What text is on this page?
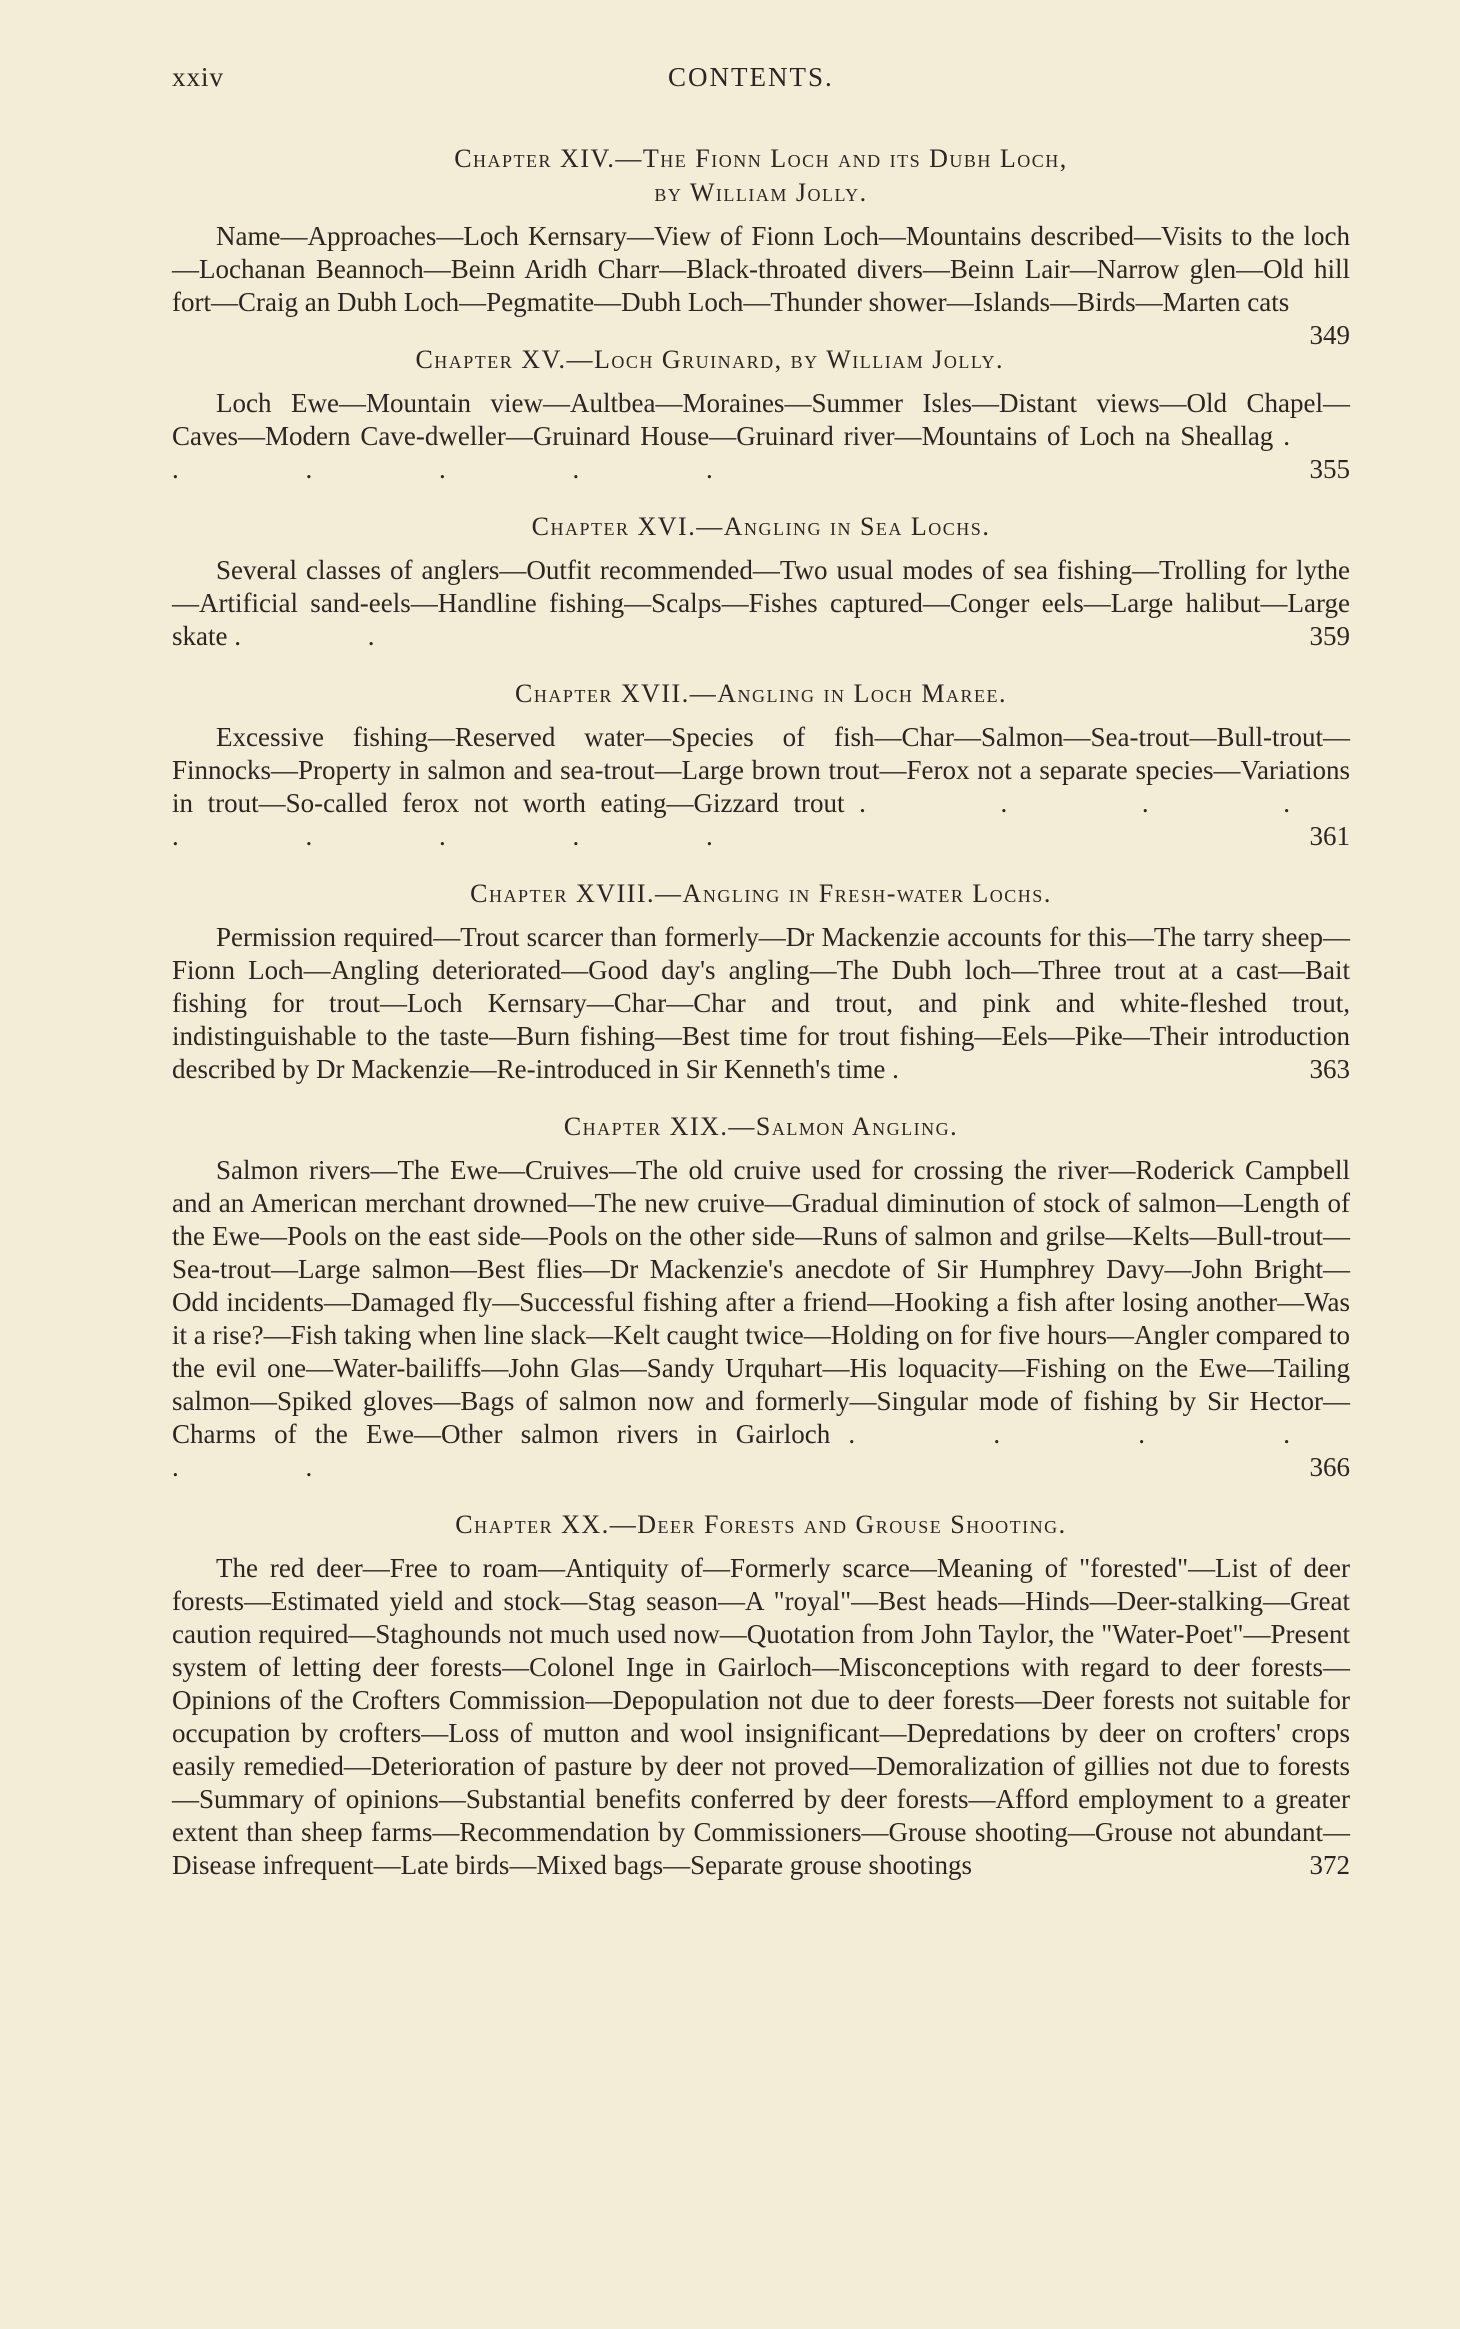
xxiv	CONTENTS.
Chapter XIV.—The Fionn Loch and its Dubh Loch,
by William Jolly.

Name—Approaches—Loch Kernsary—View of Fionn Loch—Mountains described—Visits to the loch—Lochanan Beannoch—Beinn Aridh Charr—Black-throated divers—Beinn Lair—Narrow glen—Old hill fort—Craig an Dubh Loch—Pegmatite—Dubh Loch—Thunder shower—Islands—Birds—Marten cats
349

Chapter XV.—Loch Gruinard, by William Jolly.

Loch Ewe—Mountain view—Aultbea—Moraines—Summer Isles—Distant views—Old Chapel—Caves—Modern Cave-dweller—Gruinard House—Gruinard river—Mountains of Loch na Sheallag . . . . . .	355

Chapter XVI.—Angling in Sea Lochs.

Several classes of anglers—Outfit recommended—Two usual modes of sea fishing—Trolling for lythe—Artificial sand-eels—Handline fishing—Scalps—Fishes captured—Conger eels—Large halibut—Large skate . .	359

Chapter XVII.—Angling in Loch Maree.

Excessive fishing—Reserved water—Species of fish—Char—Salmon—Sea-trout—Bull-trout—Finnocks—Property in salmon and sea-trout—Large brown trout—Ferox not a separate species—Variations in trout—So-called ferox not worth eating—Gizzard trout . . . . . . . . .	361

Chapter XVIII.—Angling in Fresh-water Lochs.

Permission required—Trout scarcer than formerly—Dr Mackenzie accounts for this—The tarry sheep—Fionn Loch—Angling deteriorated—Good day's angling—The Dubh loch—Three trout at a cast—Bait fishing for trout—Loch Kernsary—Char—Char and trout, and pink and white-fleshed trout, indistinguishable to the taste—Burn fishing—Best time for trout fishing—Eels—Pike—Their introduction described by Dr Mackenzie—Re-introduced in Sir Kenneth's time .	363

Chapter XIX.—Salmon Angling.

Salmon rivers—The Ewe—Cruives—The old cruive used for crossing the river—Roderick Campbell and an American merchant drowned—The new cruive—Gradual diminution of stock of salmon—Length of the Ewe—Pools on the east side—Pools on the other side—Runs of salmon and grilse—Kelts—Bull-trout—Sea-trout—Large salmon—Best flies—Dr Mackenzie's anecdote of Sir Humphrey Davy—John Bright—Odd incidents—Damaged fly—Successful fishing after a friend—Hooking a fish after losing another—Was it a rise?—Fish taking when line slack—Kelt caught twice—Holding on for five hours—Angler compared to the evil one—Water-bailiffs—John Glas—Sandy Urquhart—His loquacity—Fishing on the Ewe—Tailing salmon—Spiked gloves—Bags of salmon now and formerly—Singular mode of fishing by Sir Hector—Charms of the Ewe—Other salmon rivers in Gairloch . . . . . .	366

Chapter XX.—Deer Forests and Grouse Shooting.

The red deer—Free to roam—Antiquity of—Formerly scarce—Meaning of "forested"—List of deer forests—Estimated yield and stock—Stag season—A "royal"—Best heads—Hinds—Deer-stalking—Great caution required—Staghounds not much used now—Quotation from John Taylor, the "Water-Poet"—Present system of letting deer forests—Colonel Inge in Gairloch—Misconceptions with regard to deer forests—Opinions of the Crofters Commission—Depopulation not due to deer forests—Deer forests not suitable for occupation by crofters—Loss of mutton and wool insignificant—Depredations by deer on crofters' crops easily remedied—Deterioration of pasture by deer not proved—Demoralization of gillies not due to forests—Summary of opinions—Substantial benefits conferred by deer forests—Afford employment to a greater extent than sheep farms—Recommendation by Commissioners—Grouse shooting—Grouse not abundant—Disease infrequent—Late birds—Mixed bags—Separate grouse shootings	372
